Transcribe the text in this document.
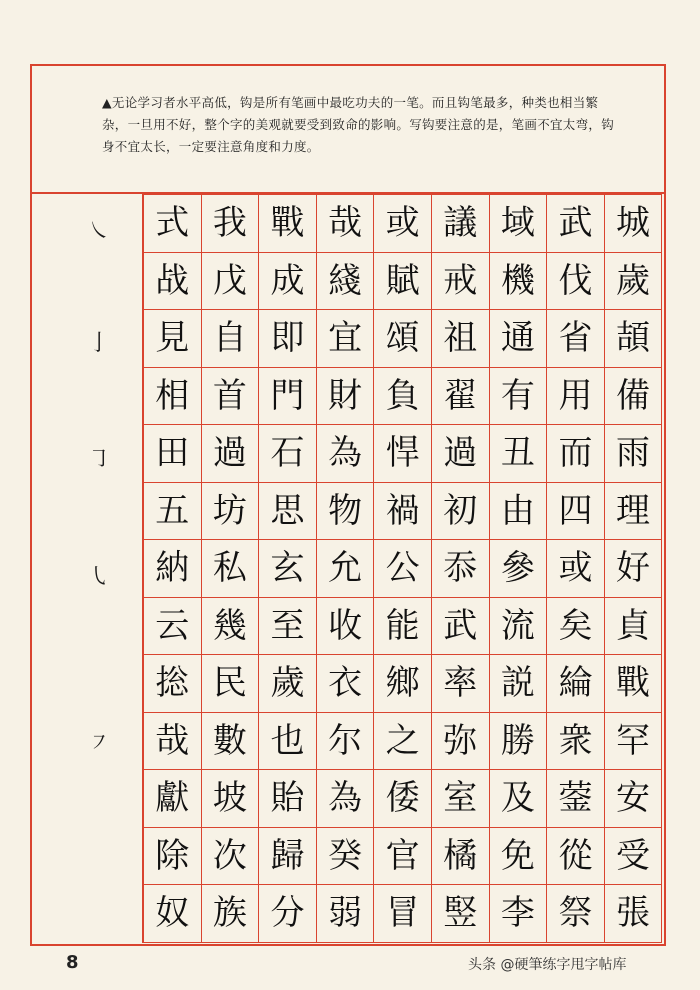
▲无论学习者水平高低，钩是所有笔画中最吃功夫的一笔。而且钩笔最多，种类也相当繁杂，一旦用不好，整个字的美观就要受到致命的影响。写钩要注意的是，笔画不宜太弯，钩身不宜太长，一定要注意角度和力度。
㇏
亅
㇆
㇂
㇇
式 我 戰 哉 或 議 域 武 城
战 戊 成 綫 賦 戒 機 伐 歲
見 自 即 宜 頌 祖 通 省 頡
相 首 門 財 負 翟 有 用 備
田 過 石 為 悍 過 丑 而 雨
五 坊 思 物 禍 初 由 四 理
納 私 玄 允 公 忝 參 或 好
云 幾 至 收 能 武 流 矣 貞
捴 民 歲 衣 鄉 率 説 綸 戰
哉 數 也 尔 之 弥 勝 衆 罕
獻 坡 貽 為 倭 室 及 蓥 安
除 次 歸 癸 官 橘 免 從 受
奴 族 分 弱 冒 竪 李 祭 張
8	头条 @硬筆练字甩字帖库
